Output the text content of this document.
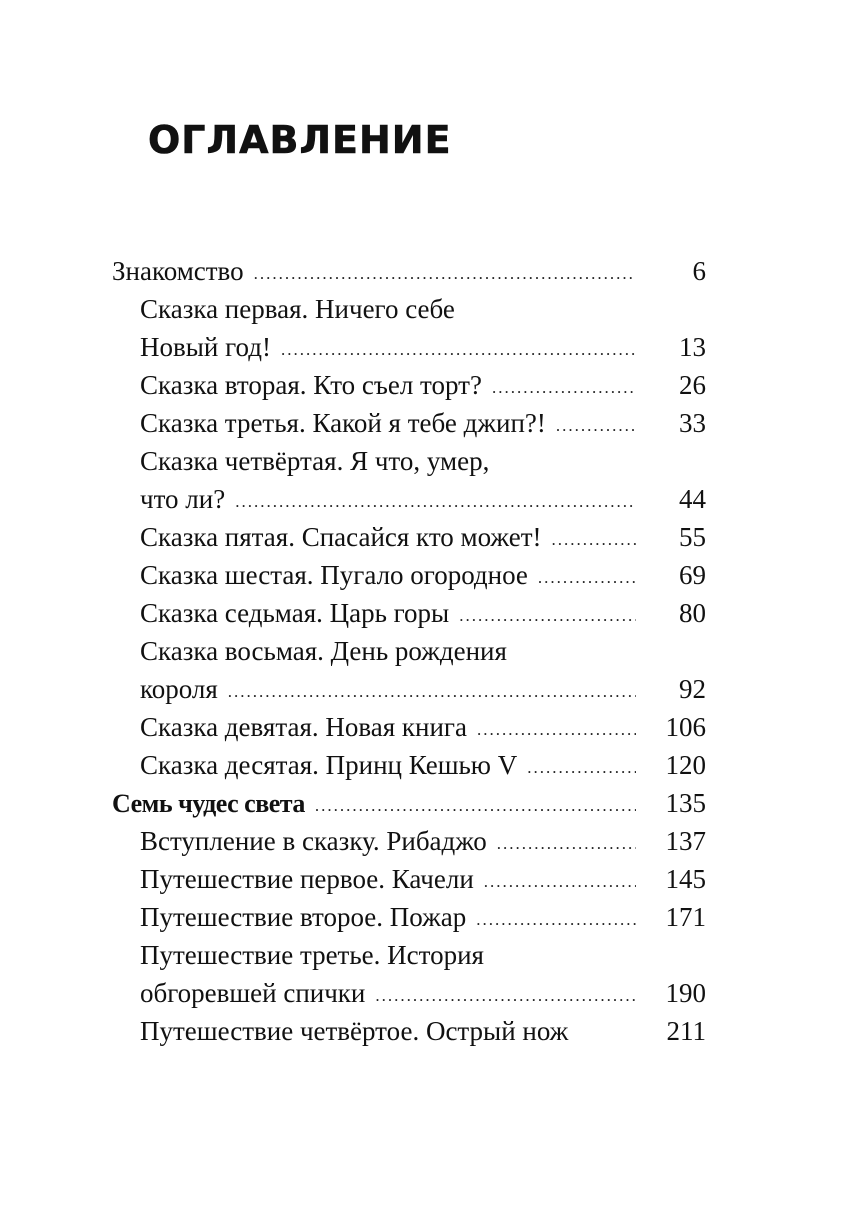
ОГЛАВЛЕНИЕ
Знакомство .....	6
Сказка первая. Ничего себе
Новый год! .....	13
Сказка вторая. Кто съел торт? .....	26
Сказка третья. Какой я тебе джип?! .....	33
Сказка четвёртая. Я что, умер,
что ли? .....	44
Сказка пятая. Спасайся кто может! .....	55
Сказка шестая. Пугало огородное .....	69
Сказка седьмая. Царь горы .....	80
Сказка восьмая. День рождения
короля .....	92
Сказка девятая. Новая книга .....	106
Сказка десятая. Принц Кешью V .....	120
Семь чудес света .....	135
Вступление в сказку. Рибаджо .....	137
Путешествие первое. Качели .....	145
Путешествие второе. Пожар .....	171
Путешествие третье. История
обгоревшей спички .....	190
Путешествие четвёртое. Острый нож	211
